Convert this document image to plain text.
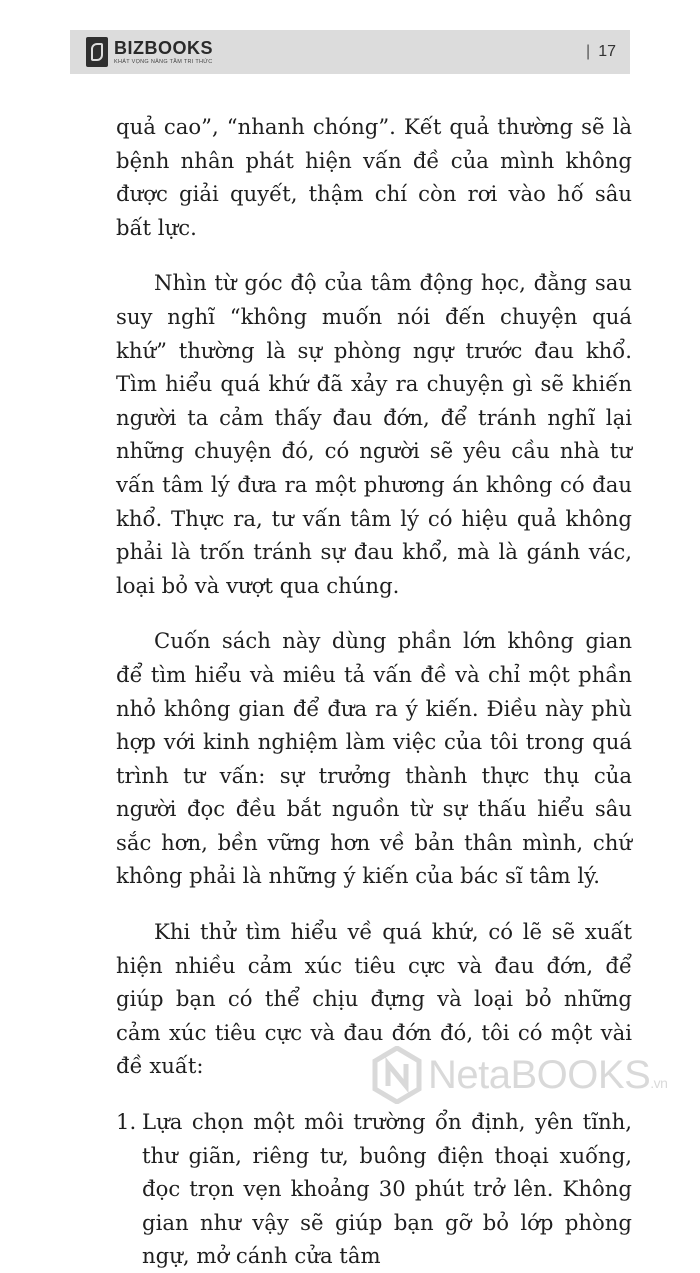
BIZBOOKS
KHÁT VỌNG NÂNG TẦM TRI THỨC
| 17

quả cao”, “nhanh chóng”. Kết quả thường sẽ là bệnh nhân phát hiện vấn đề của mình không được giải quyết, thậm chí còn rơi vào hố sâu bất lực.

Nhìn từ góc độ của tâm động học, đằng sau suy nghĩ “không muốn nói đến chuyện quá khứ” thường là sự phòng ngự trước đau khổ. Tìm hiểu quá khứ đã xảy ra chuyện gì sẽ khiến người ta cảm thấy đau đớn, để tránh nghĩ lại những chuyện đó, có người sẽ yêu cầu nhà tư vấn tâm lý đưa ra một phương án không có đau khổ. Thực ra, tư vấn tâm lý có hiệu quả không phải là trốn tránh sự đau khổ, mà là gánh vác, loại bỏ và vượt qua chúng.

Cuốn sách này dùng phần lớn không gian để tìm hiểu và miêu tả vấn đề và chỉ một phần nhỏ không gian để đưa ra ý kiến. Điều này phù hợp với kinh nghiệm làm việc của tôi trong quá trình tư vấn: sự trưởng thành thực thụ của người đọc đều bắt nguồn từ sự thấu hiểu sâu sắc hơn, bền vững hơn về bản thân mình, chứ không phải là những ý kiến của bác sĩ tâm lý.

Khi thử tìm hiểu về quá khứ, có lẽ sẽ xuất hiện nhiều cảm xúc tiêu cực và đau đớn, để giúp bạn có thể chịu đựng và loại bỏ những cảm xúc tiêu cực và đau đớn đó, tôi có một vài đề xuất:

1. Lựa chọn một môi trường ổn định, yên tĩnh, thư giãn, riêng tư, buông điện thoại xuống, đọc trọn vẹn khoảng 30 phút trở lên. Không gian như vậy sẽ giúp bạn gỡ bỏ lớp phòng ngự, mở cánh cửa tâm
NetaBOOKS.vn
